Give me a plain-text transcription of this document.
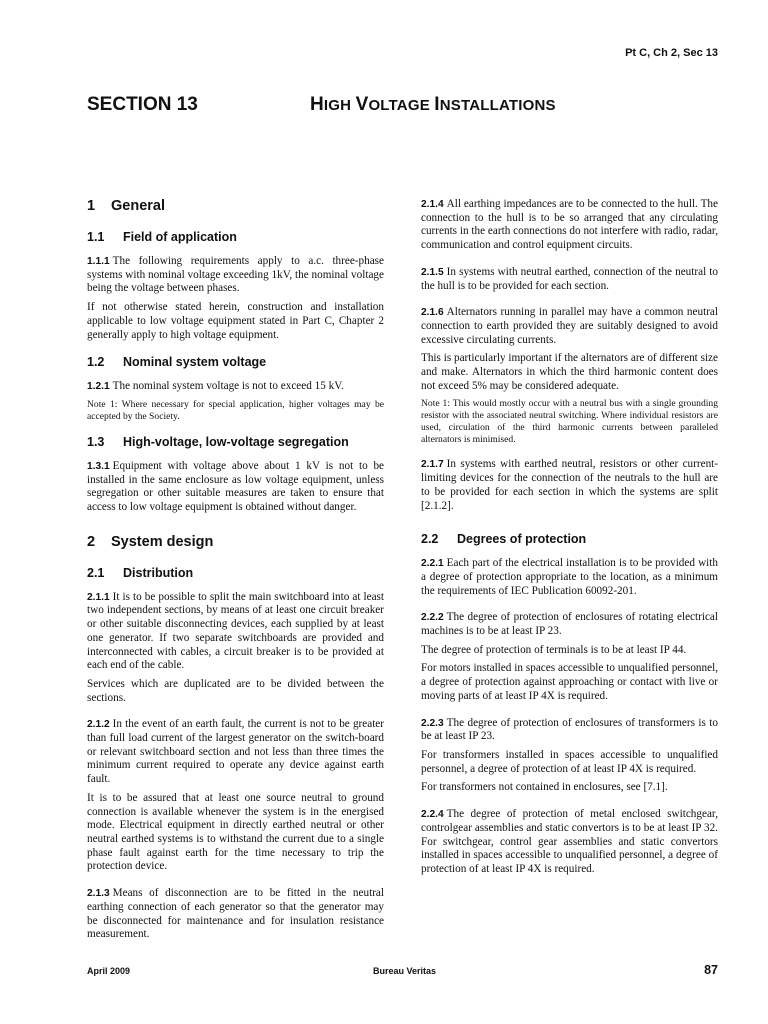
Pt C, Ch 2, Sec 13
SECTION 13	HIGH VOLTAGE INSTALLATIONS
1 General
1.1 Field of application
1.1.1 The following requirements apply to a.c. three-phase systems with nominal voltage exceeding 1kV, the nominal voltage being the voltage between phases.
If not otherwise stated herein, construction and installation applicable to low voltage equipment stated in Part C, Chapter 2 generally apply to high voltage equipment.
1.2 Nominal system voltage
1.2.1 The nominal system voltage is not to exceed 15 kV.
Note 1: Where necessary for special application, higher voltages may be accepted by the Society.
1.3 High-voltage, low-voltage segregation
1.3.1 Equipment with voltage above about 1 kV is not to be installed in the same enclosure as low voltage equipment, unless segregation or other suitable measures are taken to ensure that access to low voltage equipment is obtained without danger.
2 System design
2.1 Distribution
2.1.1 It is to be possible to split the main switchboard into at least two independent sections, by means of at least one circuit breaker or other suitable disconnecting devices, each supplied by at least one generator. If two separate switchboards are provided and interconnected with cables, a circuit breaker is to be provided at each end of the cable.
Services which are duplicated are to be divided between the sections.
2.1.2 In the event of an earth fault, the current is not to be greater than full load current of the largest generator on the switch-board or relevant switchboard section and not less than three times the minimum current required to operate any device against earth fault.
It is to be assured that at least one source neutral to ground connection is available whenever the system is in the energised mode. Electrical equipment in directly earthed neutral or other neutral earthed systems is to withstand the current due to a single phase fault against earth for the time necessary to trip the protection device.
2.1.3 Means of disconnection are to be fitted in the neutral earthing connection of each generator so that the generator may be disconnected for maintenance and for insulation resistance measurement.
2.1.4 All earthing impedances are to be connected to the hull. The connection to the hull is to be so arranged that any circulating currents in the earth connections do not interfere with radio, radar, communication and control equipment circuits.
2.1.5 In systems with neutral earthed, connection of the neutral to the hull is to be provided for each section.
2.1.6 Alternators running in parallel may have a common neutral connection to earth provided they are suitably designed to avoid excessive circulating currents.
This is particularly important if the alternators are of different size and make. Alternators in which the third harmonic content does not exceed 5% may be considered adequate.
Note 1: This would mostly occur with a neutral bus with a single grounding resistor with the associated neutral switching. Where individual resistors are used, circulation of the third harmonic currents between paralleled alternators is minimised.
2.1.7 In systems with earthed neutral, resistors or other current-limiting devices for the connection of the neutrals to the hull are to be provided for each section in which the systems are split [2.1.2].
2.2 Degrees of protection
2.2.1 Each part of the electrical installation is to be provided with a degree of protection appropriate to the location, as a minimum the requirements of IEC Publication 60092-201.
2.2.2 The degree of protection of enclosures of rotating electrical machines is to be at least IP 23.
The degree of protection of terminals is to be at least IP 44.
For motors installed in spaces accessible to unqualified personnel, a degree of protection against approaching or contact with live or moving parts of at least IP 4X is required.
2.2.3 The degree of protection of enclosures of transformers is to be at least IP 23.
For transformers installed in spaces accessible to unqualified personnel, a degree of protection of at least IP 4X is required.
For transformers not contained in enclosures, see [7.1].
2.2.4 The degree of protection of metal enclosed switchgear, controlgear assemblies and static convertors is to be at least IP 32. For switchgear, control gear assemblies and static convertors installed in spaces accessible to unqualified personnel, a degree of protection of at least IP 4X is required.
April 2009	Bureau Veritas	87
